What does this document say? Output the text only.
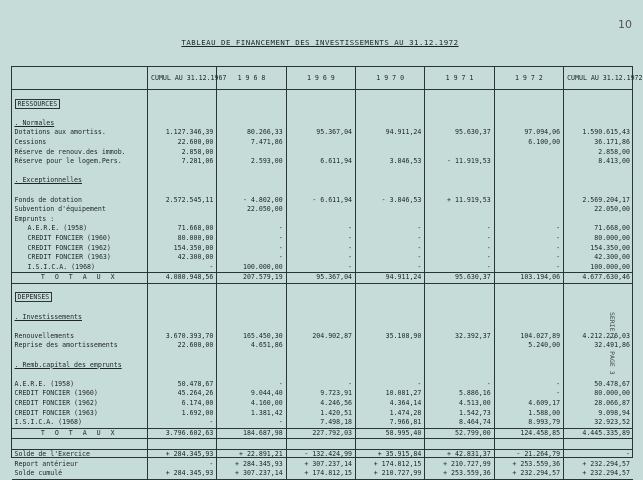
10
TABLEAU DE FINANCEMENT DES INVESTISSEMENTS AU 31.12.1972
SERIE I - PAGE 3
	CUMUL AU 31.12.1967	1 9 6 8	1 9 6 9	1 9 7 0	1 9 7 1	1 9 7 2	CUMUL AU 31.12.1972

RESSOURCES							

. Normales							
Dotations aux amortiss.	1.127.346,39	80.266,33	95.367,04	94.911,24	95.630,37	97.094,06	1.590.615,43
Cessions	22.600,00	7.471,86				6.100,00	36.171,86
Réserve de renouv.des immob.	2.858,00						2.858,00
Réserve pour le logem.Pers.	7.281,06	2.593,00	6.611,94	3.846,53	- 11.919,53		8.413,00

. Exceptionnelles							

Fonds de dotation	2.572.545,11	- 4.802,00	- 6.611,94	- 3.846,53	+ 11.919,53		2.569.204,17
Subvention d'équipement		22.050,00					22.050,00
Emprunts :							
A.E.R.E. (1958)	71.668,00	-	-	-	-	-	71.668,00
CREDIT FONCIER (1960)	80.000,00	-	-	-	-	-	80.000,00
CREDIT FONCIER (1962)	154.350,00	-	-	-	-	-	154.350,00
CREDIT FONCIER (1963)	42.300,00	-	-	-	-	-	42.300,00
I.S.I.C.A. (1968)	-	100.000,00	-	-	-	-	100.000,00
T O T A U X	4.080.948,56	207.579,19	95.367,04	94.911,24	95.630,37	103.194,06	4.677.630,46

DEPENSES							

. Investissements							

Renouvellements	3.670.393,70	165.450,30	204.902,87	35.108,90	32.392,37	104.027,89	4.212.276,03
Reprise des amortissements	22.600,00	4.651,86				5.240,00	32.491,86

. Remb.capital des emprunts							

A.E.R.E. (1958)	50.478,67	-	-	-	-	-	50.478,67
CREDIT FONCIER (1960)	45.264,26	9.044,40	9.723,91	10.081,27	5.886,16	-	80.000,00
CREDIT FONCIER (1962)	6.174,00	4.160,00	4.246,56	4.364,14	4.513,00	4.609,17	28.066,87
CREDIT FONCIER (1963)	1.692,00	1.381,42	1.420,51	1.474,28	1.542,73	1.588,00	9.098,94
I.S.I.C.A. (1968)	-	-	7.498,18	7.966,81	8.464,74	8.993,79	32.923,52
T O T A U X	3.796.602,63	184.687,98	227.792,03	58.995,40	52.799,00	124.458,85	4.445.335,89

Solde de l'Exercice	+ 284.345,93	+ 22.891,21	- 132.424,99	+ 35.915,84	+ 42.831,37	- 21.264,79	-
Report antérieur	-	+ 284.345,93	+ 307.237,14	+ 174.812,15	+ 210.727,99	+ 253.559,36	+ 232.294,57
Solde cumulé	+ 284.345,93	+ 307.237,14	+ 174.812,15	+ 210.727,99	+ 253.559,36	+ 232.294,57	+ 232.294,57
